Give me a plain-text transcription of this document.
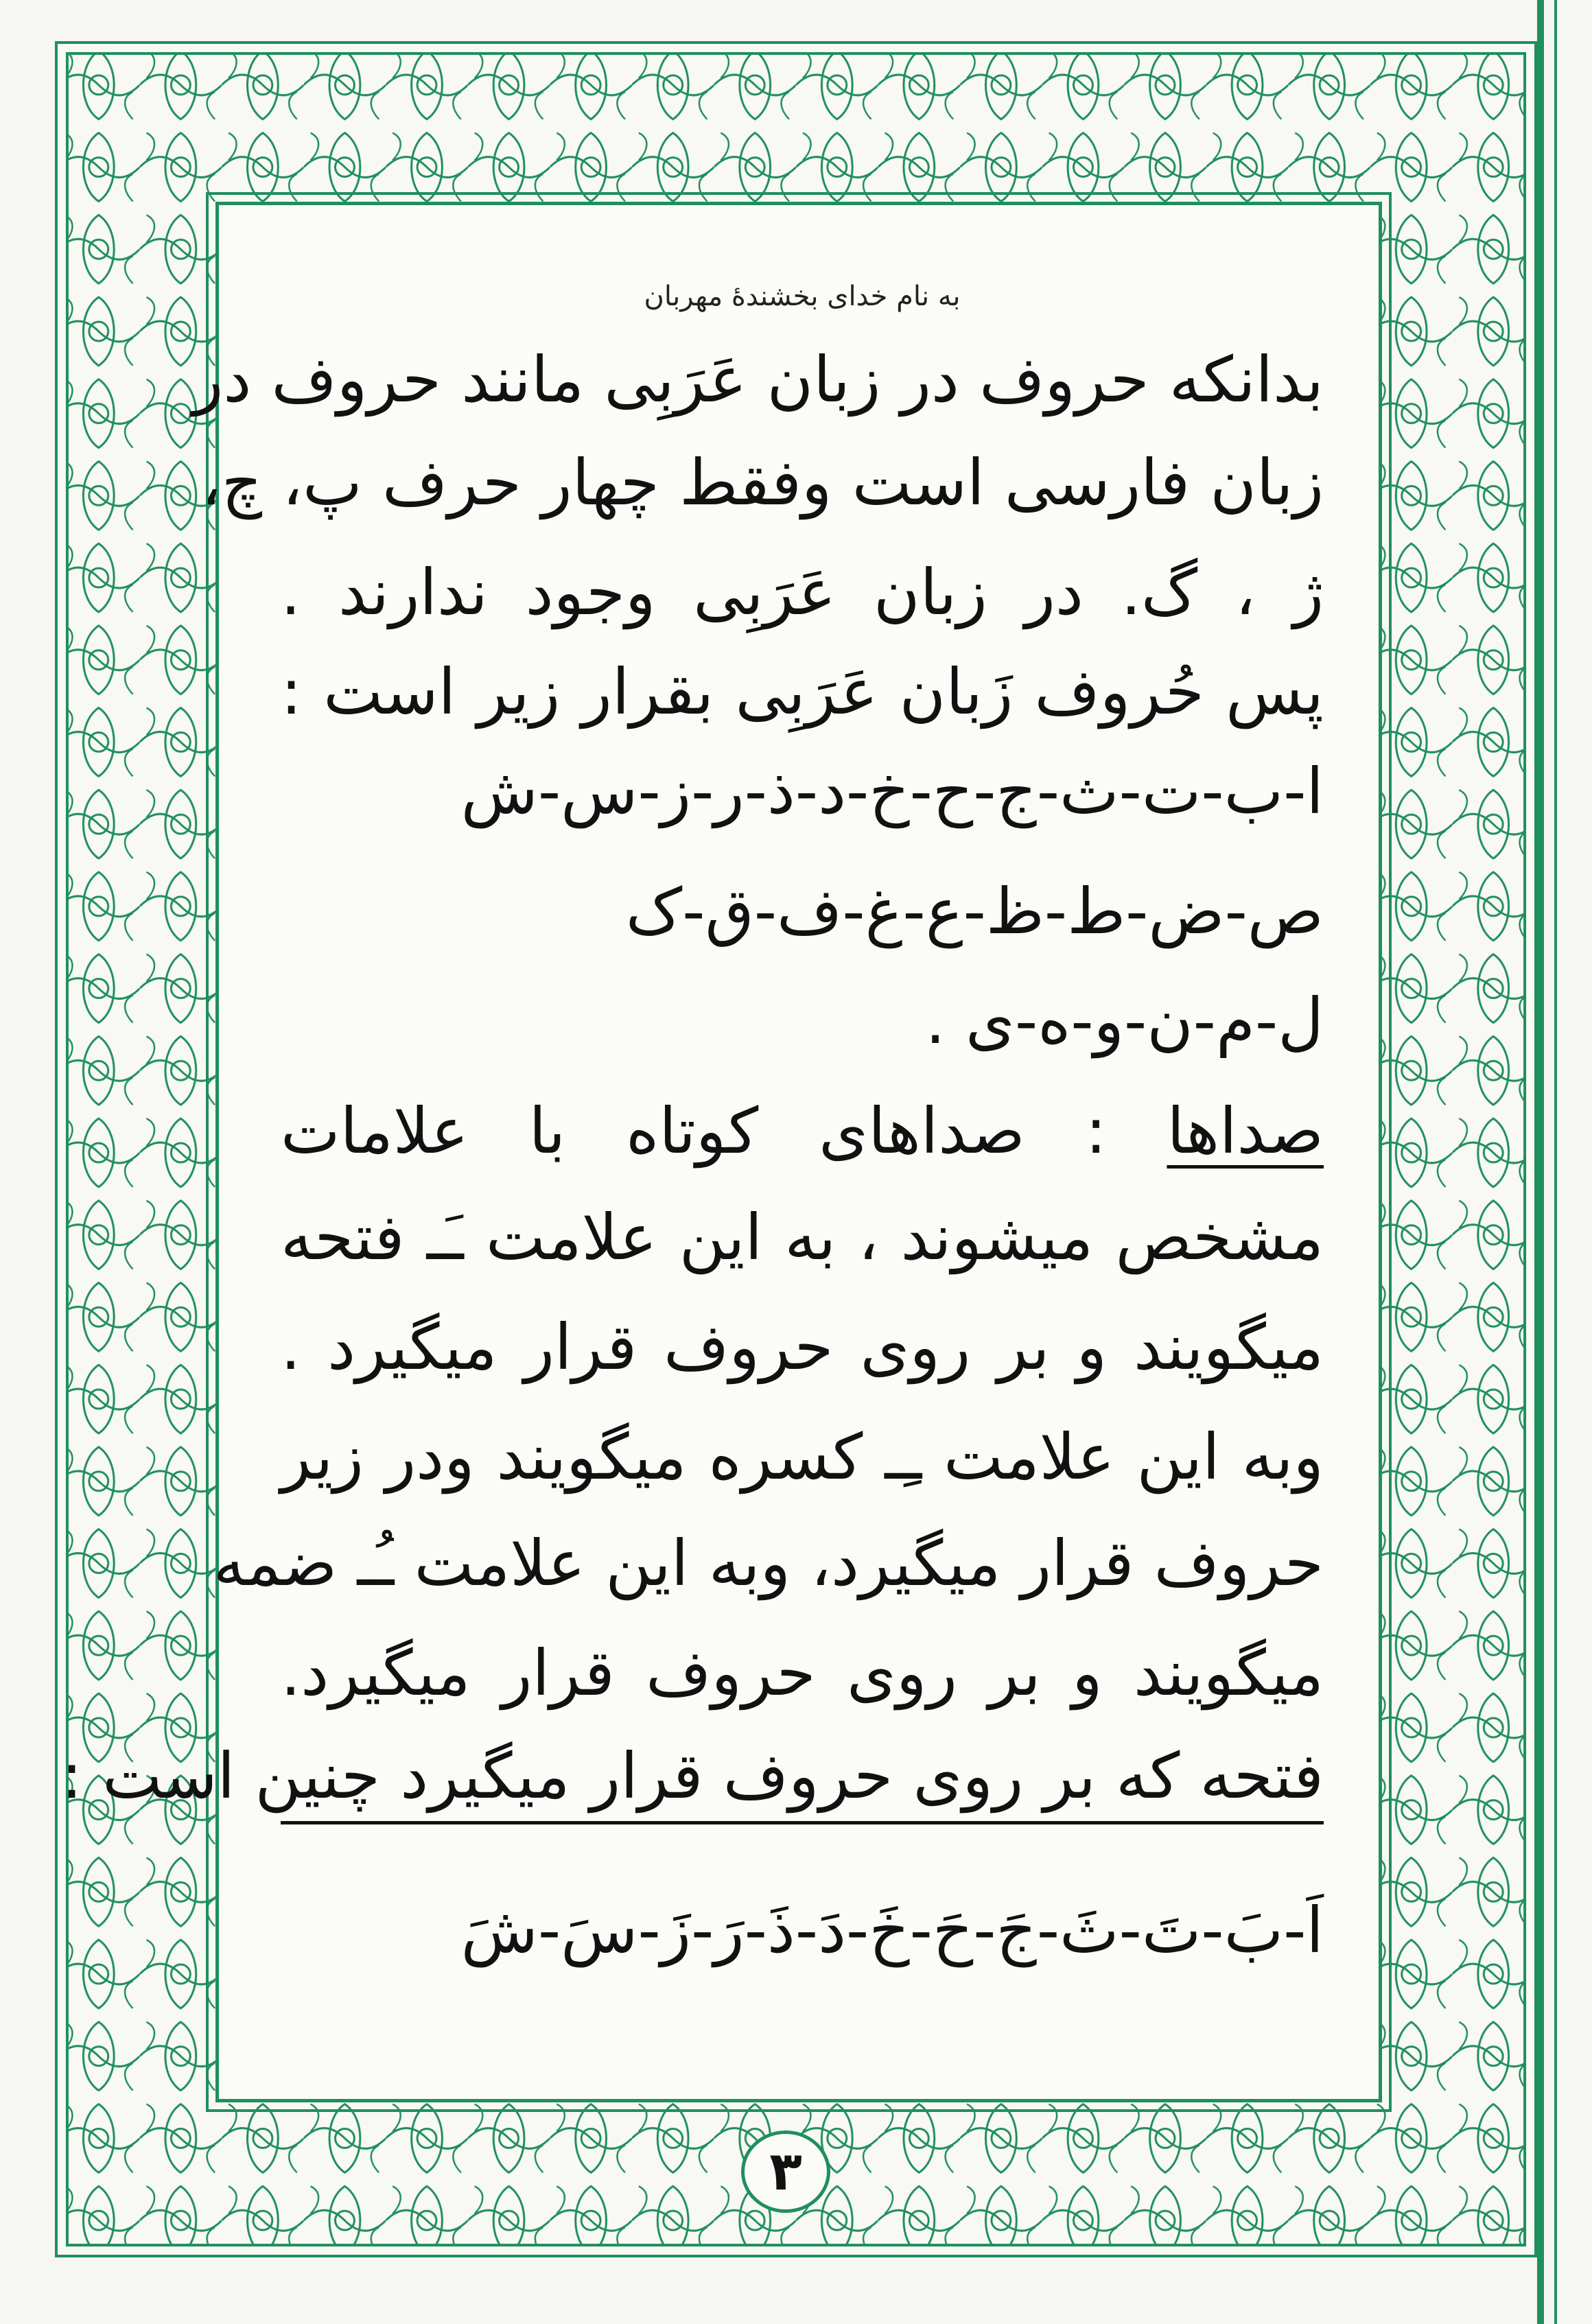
به نام خدای بخشندهٔ مهربان
بدانکه حروف در زبان عَرَبِی مانند حروف در
زبان فارسی است وفقط چهار حرف پ، چ،
ژ ، گ. در زبان عَرَبِی وجود ندارند .
پس حُروف زَبان عَرَبِی بقرار زیر است :
ا-ب-ت-ث-ج-ح-خ-د-ذ-ر-ز-س-ش
ص-ض-ط-ظ-ع-غ-ف-ق-ک
ل-م-ن-و-ه-ی .
صداها : صداهای کوتاه با علامات
مشخص میشوند ، به این علامت ـَـ فتحه
میگویند و بر روی حروف قرار میگیرد .
وبه این علامت ـِـ کسره میگویند ودر زیر
حروف قرار میگیرد، وبه این علامت ـُـ ضمه
میگویند و بر روی حروف قرار میگیرد.
فتحه که بر روی حروف قرار میگیرد چنین است :
اَ-بَ-تَ-ثَ-جَ-حَ-خَ-دَ-ذَ-رَ-زَ-سَ-شَ
۳
